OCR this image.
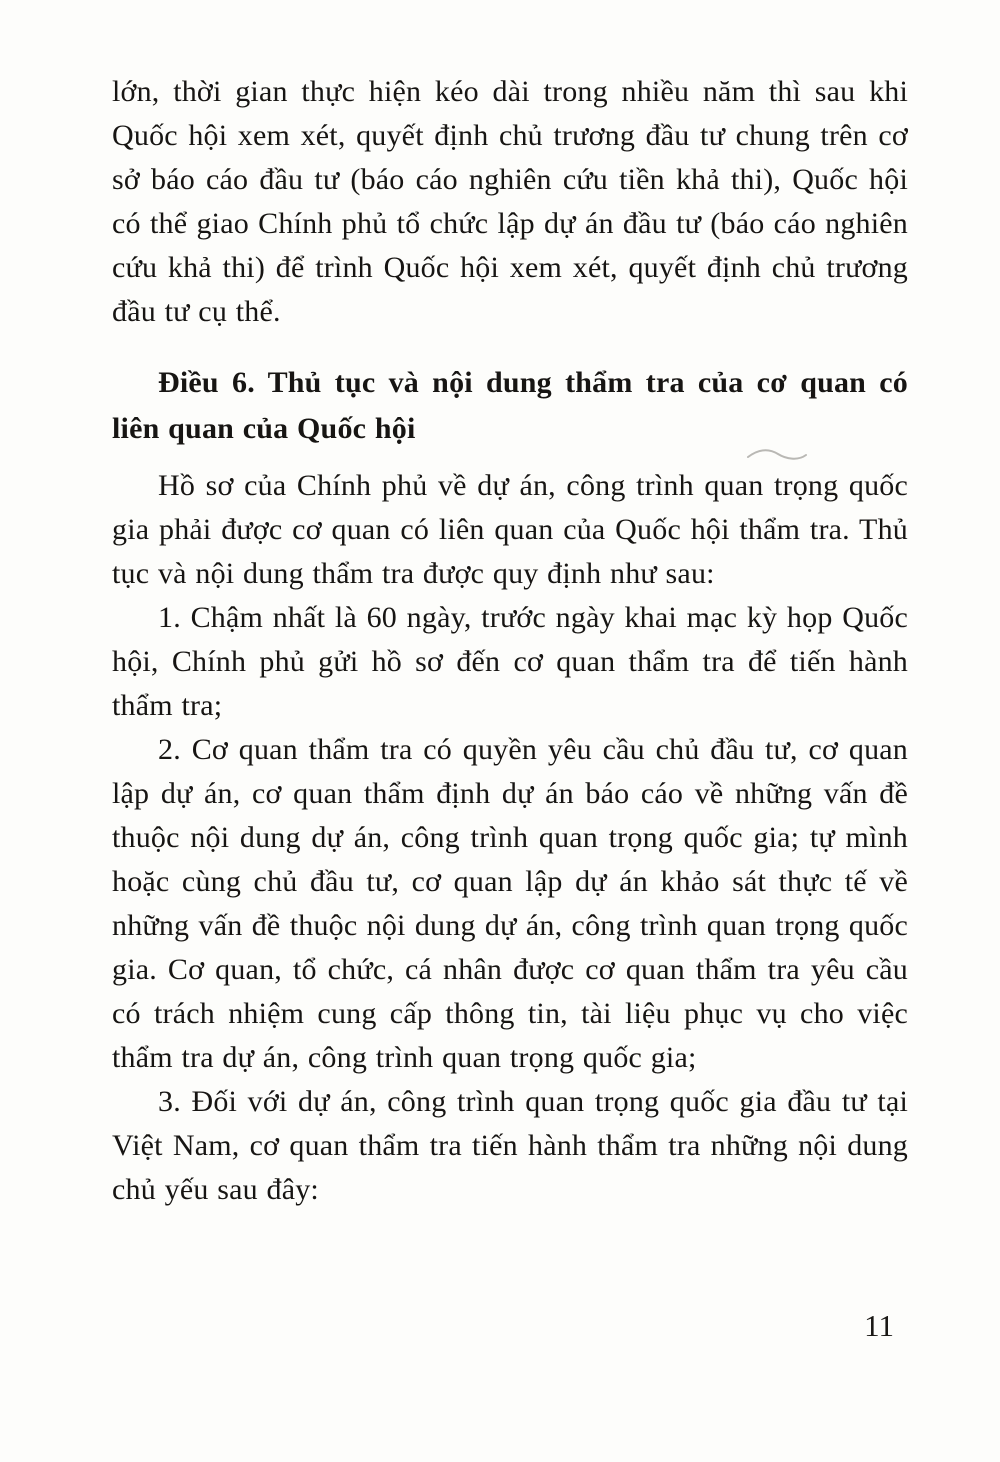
lớn, thời gian thực hiện kéo dài trong nhiều năm thì sau khi Quốc hội xem xét, quyết định chủ trương đầu tư chung trên cơ sở báo cáo đầu tư (báo cáo nghiên cứu tiền khả thi), Quốc hội có thể giao Chính phủ tổ chức lập dự án đầu tư (báo cáo nghiên cứu khả thi) để trình Quốc hội xem xét, quyết định chủ trương đầu tư cụ thể.

Điều 6. Thủ tục và nội dung thẩm tra của cơ quan có liên quan của Quốc hội

Hồ sơ của Chính phủ về dự án, công trình quan trọng quốc gia phải được cơ quan có liên quan của Quốc hội thẩm tra. Thủ tục và nội dung thẩm tra được quy định như sau:

1. Chậm nhất là 60 ngày, trước ngày khai mạc kỳ họp Quốc hội, Chính phủ gửi hồ sơ đến cơ quan thẩm tra để tiến hành thẩm tra;

2. Cơ quan thẩm tra có quyền yêu cầu chủ đầu tư, cơ quan lập dự án, cơ quan thẩm định dự án báo cáo về những vấn đề thuộc nội dung dự án, công trình quan trọng quốc gia; tự mình hoặc cùng chủ đầu tư, cơ quan lập dự án khảo sát thực tế về những vấn đề thuộc nội dung dự án, công trình quan trọng quốc gia. Cơ quan, tổ chức, cá nhân được cơ quan thẩm tra yêu cầu có trách nhiệm cung cấp thông tin, tài liệu phục vụ cho việc thẩm tra dự án, công trình quan trọng quốc gia;

3. Đối với dự án, công trình quan trọng quốc gia đầu tư tại Việt Nam, cơ quan thẩm tra tiến hành thẩm tra những nội dung chủ yếu sau đây:

11
